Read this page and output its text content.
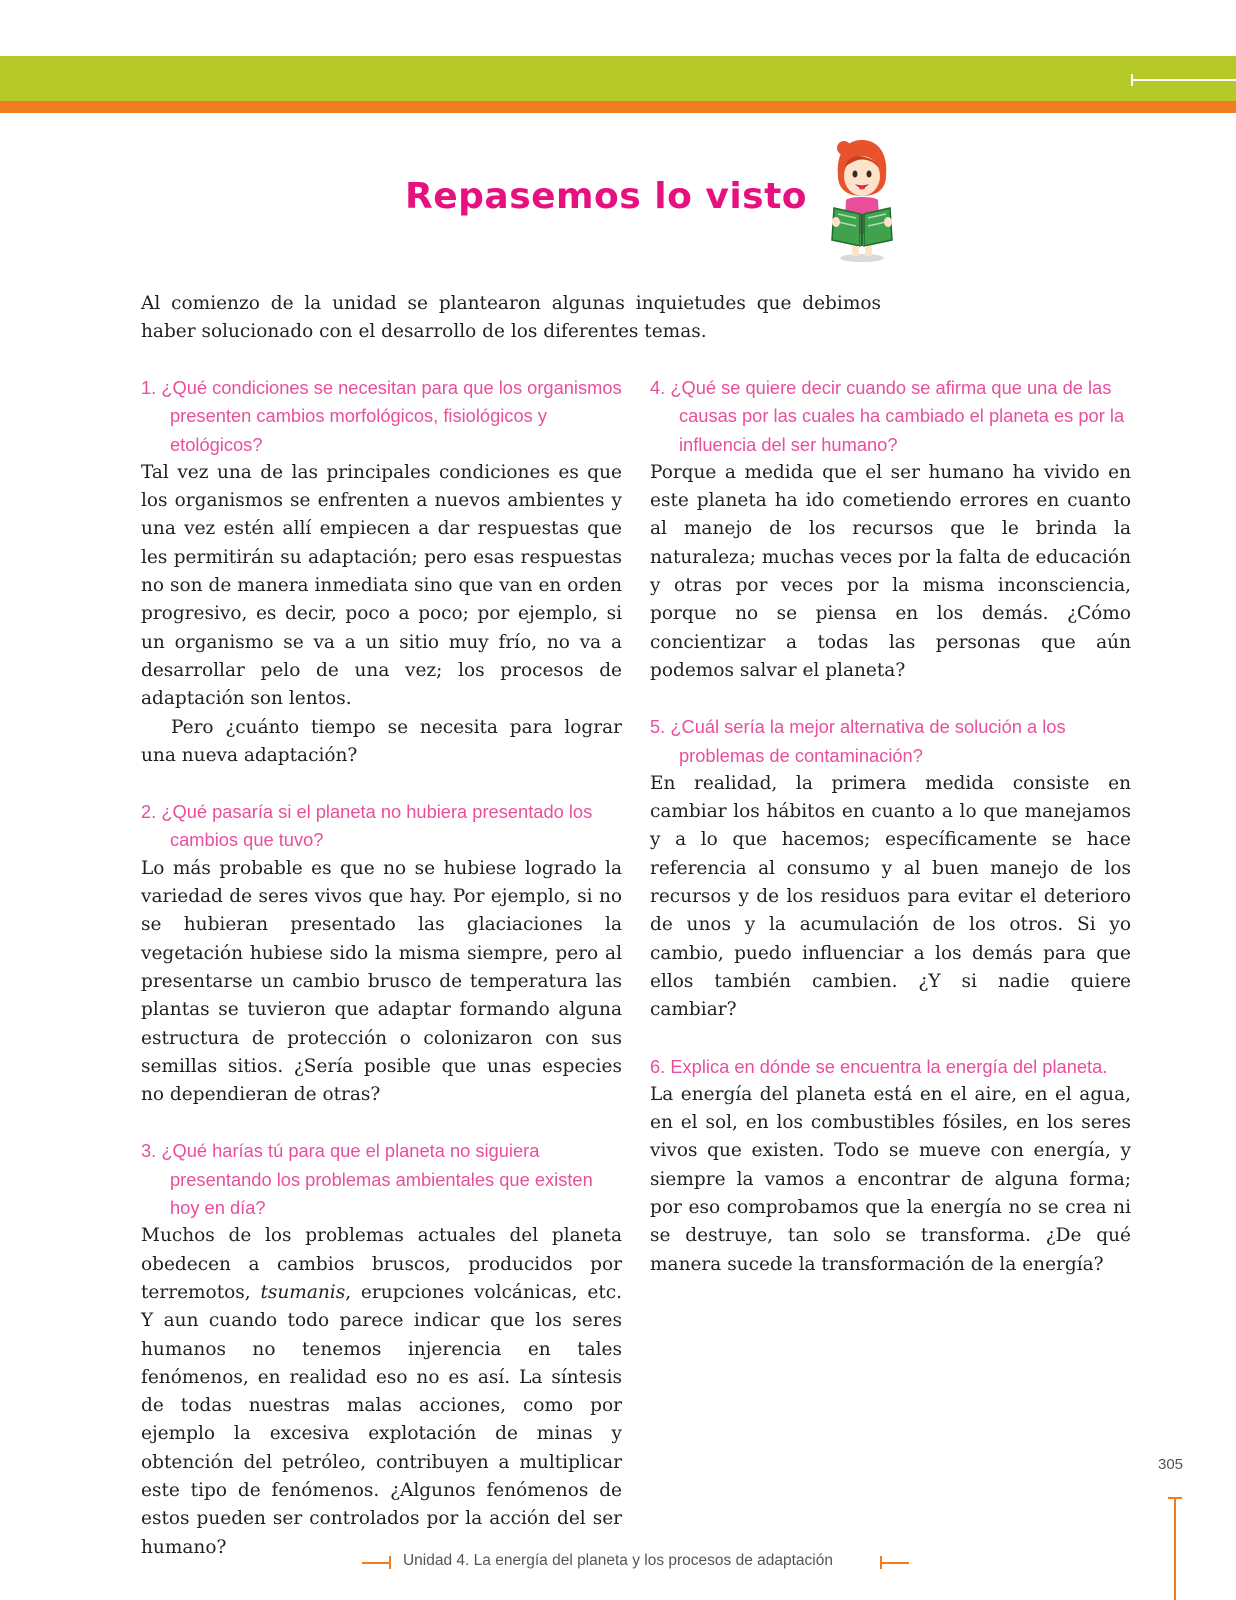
Repasemos lo visto

Al comienzo de la unidad se plantearon algunas inquietudes que debimos haber solucionado con el desarrollo de los diferentes temas.

1. ¿Qué condiciones se necesitan para que los organismos presenten cambios morfológicos, fisiológicos y etológicos?

Tal vez una de las principales condiciones es que los organismos se enfrenten a nuevos ambientes y una vez estén allí empiecen a dar respuestas que les permitirán su adaptación; pero esas respuestas no son de manera inmediata sino que van en orden progresivo, es decir, poco a poco; por ejemplo, si un organismo se va a un sitio muy frío, no va a desarrollar pelo de una vez; los procesos de adaptación son lentos.

Pero ¿cuánto tiempo se necesita para lograr una nueva adaptación?

2. ¿Qué pasaría si el planeta no hubiera presentado los cambios que tuvo?

Lo más probable es que no se hubiese logrado la variedad de seres vivos que hay. Por ejemplo, si no se hubieran presentado las glaciaciones la vegetación hubiese sido la misma siempre, pero al presentarse un cambio brusco de temperatura las plantas se tuvieron que adaptar formando alguna estructura de protección o colonizaron con sus semillas sitios. ¿Sería posible que unas especies no dependieran de otras?

3. ¿Qué harías tú para que el planeta no siguiera presentando los problemas ambientales que existen hoy en día?

Muchos de los problemas actuales del planeta obedecen a cambios bruscos, producidos por terremotos, tsumanis, erupciones volcánicas, etc. Y aun cuando todo parece indicar que los seres humanos no tenemos injerencia en tales fenómenos, en realidad eso no es así. La síntesis de todas nuestras malas acciones, como por ejemplo la excesiva explotación de minas y obtención del petróleo, contribuyen a multiplicar este tipo de fenómenos. ¿Algunos fenómenos de estos pueden ser controlados por la acción del ser humano?

4. ¿Qué se quiere decir cuando se afirma que una de las causas por las cuales ha cambiado el planeta es por la influencia del ser humano?

Porque a medida que el ser humano ha vivido en este planeta ha ido cometiendo errores en cuanto al manejo de los recursos que le brinda la naturaleza; muchas veces por la falta de educación y otras por veces por la misma inconsciencia, porque no se piensa en los demás. ¿Cómo concientizar a todas las personas que aún podemos salvar el planeta?

5. ¿Cuál sería la mejor alternativa de solución a los problemas de contaminación?

En realidad, la primera medida consiste en cambiar los hábitos en cuanto a lo que manejamos y a lo que hacemos; específicamente se hace referencia al consumo y al buen manejo de los recursos y de los residuos para evitar el deterioro de unos y la acumulación de los otros. Si yo cambio, puedo influenciar a los demás para que ellos también cambien. ¿Y si nadie quiere cambiar?

6. Explica en dónde se encuentra la energía del planeta.

La energía del planeta está en el aire, en el agua, en el sol, en los combustibles fósiles, en los seres vivos que existen. Todo se mueve con energía, y siempre la vamos a encontrar de alguna forma; por eso comprobamos que la energía no se crea ni se destruye, tan solo se transforma. ¿De qué manera sucede la transformación de la energía?

305

Unidad 4. La energía del planeta y los procesos de adaptación
